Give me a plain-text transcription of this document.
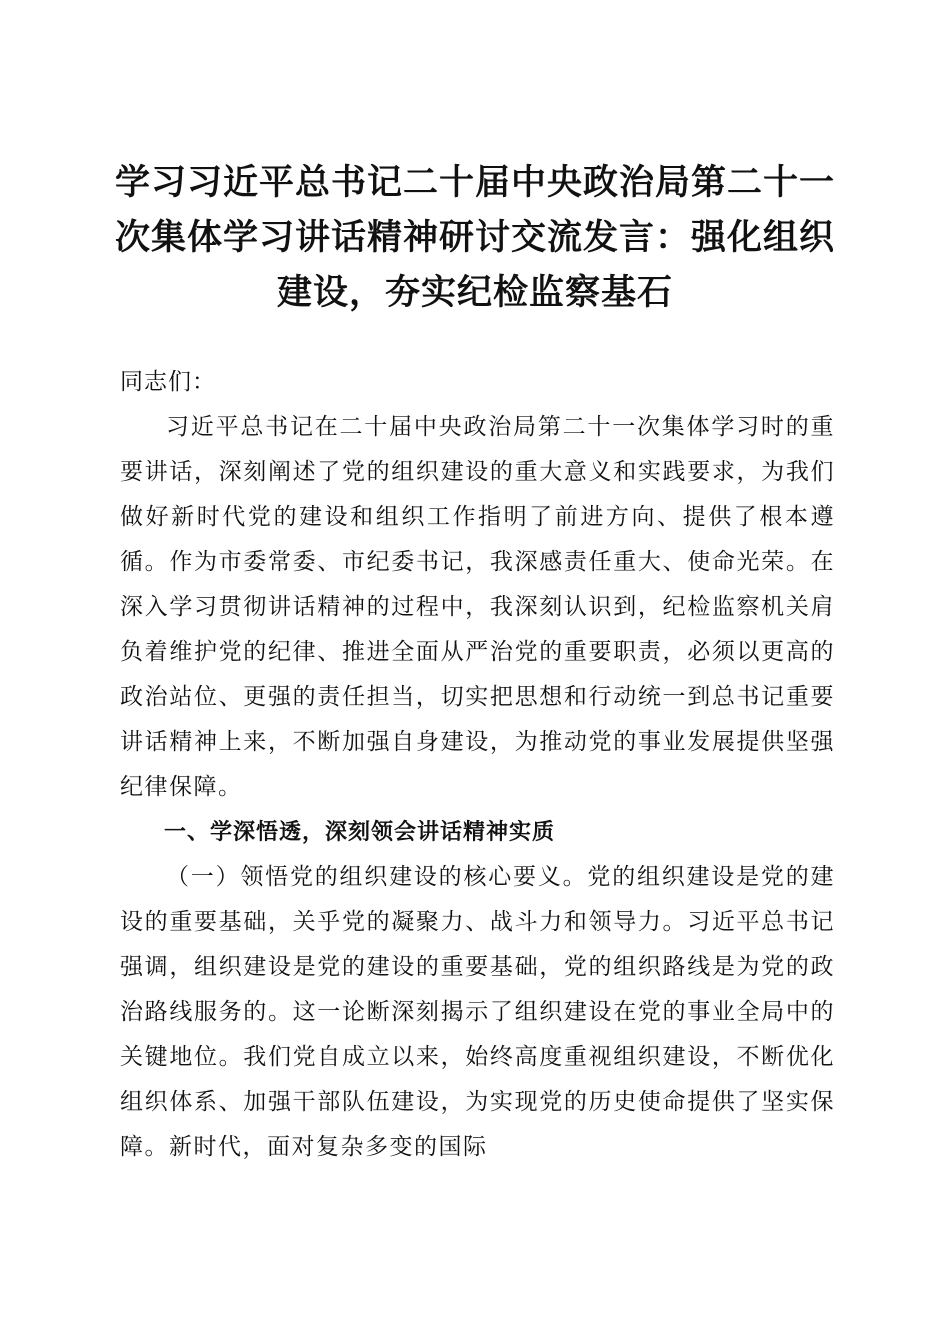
学习习近平总书记二十届中央政治局第二十一
次集体学习讲话精神研讨交流发言：强化组织
建设，夯实纪检监察基石

同志们：

习近平总书记在二十届中央政治局第二十一次集体学习时的重要讲话，深刻阐述了党的组织建设的重大意义和实践要求，为我们做好新时代党的建设和组织工作指明了前进方向、提供了根本遵循。作为市委常委、市纪委书记，我深感责任重大、使命光荣。在深入学习贯彻讲话精神的过程中，我深刻认识到，纪检监察机关肩负着维护党的纪律、推进全面从严治党的重要职责，必须以更高的政治站位、更强的责任担当，切实把思想和行动统一到总书记重要讲话精神上来，不断加强自身建设，为推动党的事业发展提供坚强纪律保障。

一、学深悟透，深刻领会讲话精神实质

（一）领悟党的组织建设的核心要义。党的组织建设是党的建设的重要基础，关乎党的凝聚力、战斗力和领导力。习近平总书记强调，组织建设是党的建设的重要基础，党的组织路线是为党的政治路线服务的。这一论断深刻揭示了组织建设在党的事业全局中的关键地位。我们党自成立以来，始终高度重视组织建设，不断优化组织体系、加强干部队伍建设，为实现党的历史使命提供了坚实保障。新时代，面对复杂多变的国际
